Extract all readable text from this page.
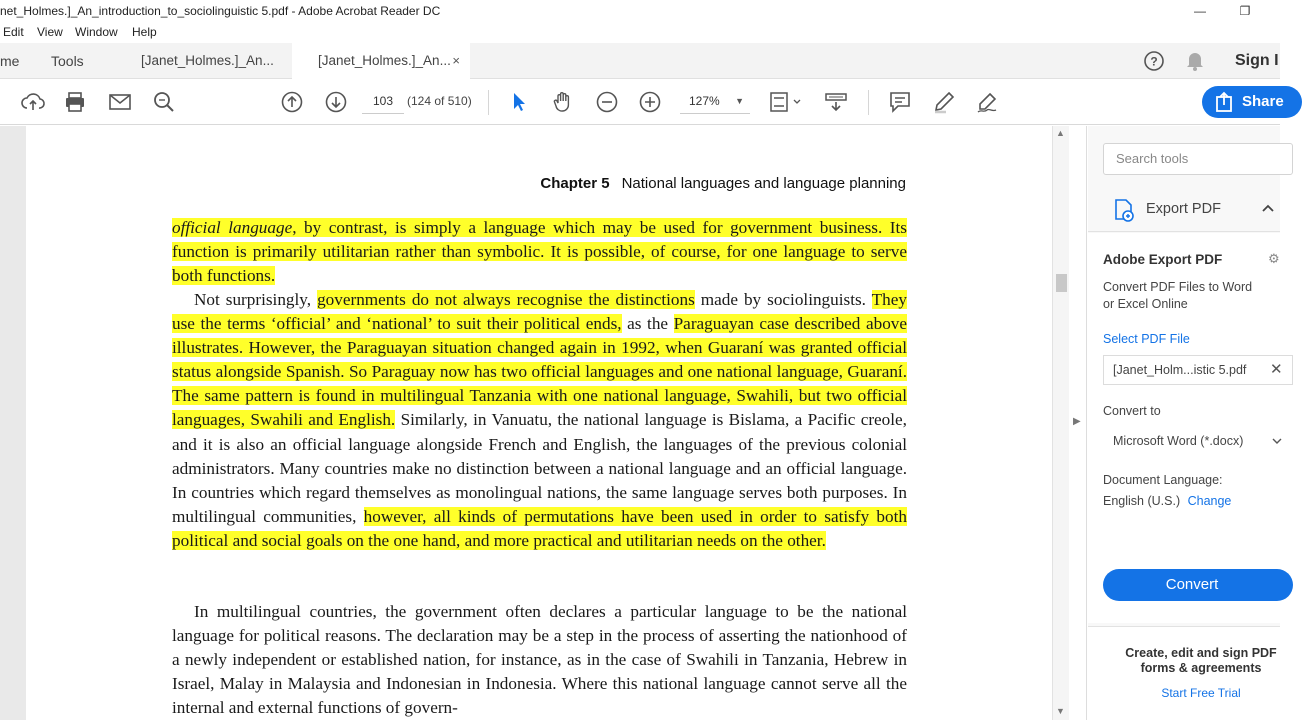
net_Holmes.]_An_introduction_to_sociolinguistic 5.pdf - Adobe Acrobat Reader DC	—	❐
Edit View Window Help
me	Tools	[Janet_Holmes.]_An...	[Janet_Holmes.]_An... ×	?	Sign I
103	(124 of 510)	127% ▼	Share
Chapter 5 National languages and language planning
official language, by contrast, is simply a language which may be used for government business. Its function is primarily utilitarian rather than symbolic. It is possible, of course, for one language to serve both functions.
Not surprisingly, governments do not always recognise the distinctions made by sociolinguists. They use the terms ‘official’ and ‘national’ to suit their political ends, as the Paraguayan case described above illustrates. However, the Paraguayan situation changed again in 1992, when Guaraní was granted official status alongside Spanish. So Paraguay now has two official languages and one national language, Guaraní. The same pattern is found in multilingual Tanzania with one national language, Swahili, but two official languages, Swahili and English. Similarly, in Vanuatu, the national language is Bislama, a Pacific creole, and it is also an official language alongside French and English, the languages of the previous colonial administrators. Many countries make no distinction between a national language and an official language. In countries which regard themselves as monolingual nations, the same language serves both purposes. In multilingual communities, however, all kinds of permutations have been used in order to satisfy both political and social goals on the one hand, and more practical and utilitarian needs on the other.
In multilingual countries, the government often declares a particular language to be the national language for political reasons. The declaration may be a step in the process of asserting the nationhood of a newly independent or established nation, for instance, as in the case of Swahili in Tanzania, Hebrew in Israel, Malay in Malaysia and Indonesian in Indonesia. Where this national language cannot serve all the internal and external functions of govern-
▲
▼
▶
Search tools
Export PDF
Adobe Export PDF	⚙
Convert PDF Files to Word
or Excel Online
Select PDF File
[Janet_Holm...istic 5.pdf ✕
Convert to
Microsoft Word (*.docx)
Document Language:
English (U.S.) Change
Convert
Create, edit and sign PDF
forms & agreements
Start Free Trial
